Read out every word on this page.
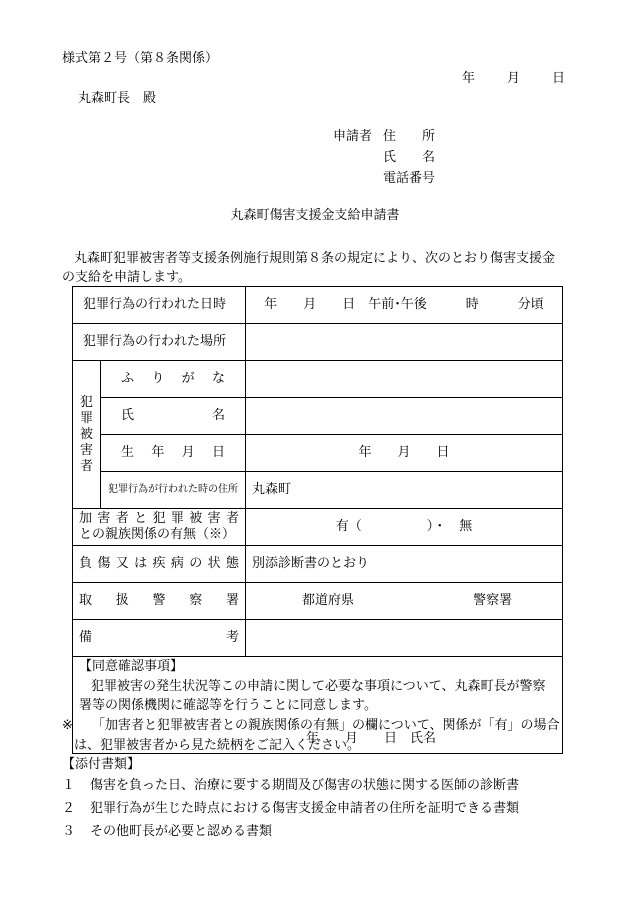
様式第２号（第８条関係）
年 月 日
丸森町長　殿
申請者 住　　所
氏　　名
電話番号
丸森町傷害支援金支給申請書
丸森町犯罪被害者等支援条例施行規則第８条の規定により、次のとおり傷害支援金の支給を申請します。
犯罪行為の行われた日時		年　　月　　日　午前･午後　　　時　　　分頃
犯罪行為の行われた場所		

犯
罪
被
害
者	ふりがな	

	氏名	

	生年月日	年　　月　　日
	犯罪行為が行われた時の住所	丸森町

加害者と犯罪被害者
との親族関係の有無（※）		有（　　　　　）・　無

負傷又は疾病の状態		別添診断書のとおり

取扱警察署		都道府県 警察署

備考		

【同意確認事項】
犯罪被害の発生状況等この申請に関して必要な事項について、丸森町長が警察署等の関係機関に確認等を行うことに同意します。
年　　月　　日　氏名		
※ 「加害者と犯罪被害者との親族関係の有無」の欄について、関係が「有」の場合
は、犯罪被害者から見た続柄をご記入ください。
【添付書類】
１ 傷害を負った日、治療に要する期間及び傷害の状態に関する医師の診断書
２ 犯罪行為が生じた時点における傷害支援金申請者の住所を証明できる書類
３ その他町長が必要と認める書類
